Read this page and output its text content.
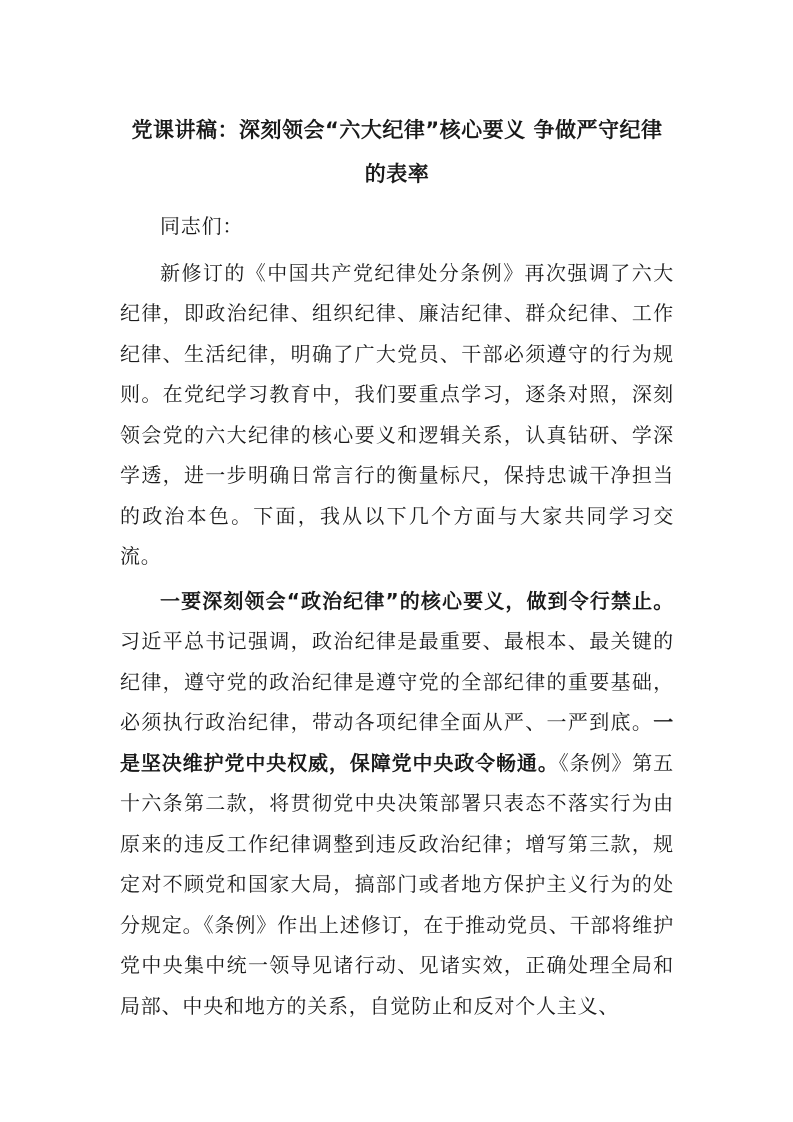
党课讲稿：深刻领会“六大纪律”核心要义 争做严守纪律
的表率

同志们：

新修订的《中国共产党纪律处分条例》再次强调了六大纪律，即政治纪律、组织纪律、廉洁纪律、群众纪律、工作纪律、生活纪律，明确了广大党员、干部必须遵守的行为规则。在党纪学习教育中，我们要重点学习，逐条对照，深刻领会党的六大纪律的核心要义和逻辑关系，认真钻研、学深学透，进一步明确日常言行的衡量标尺，保持忠诚干净担当的政治本色。下面，我从以下几个方面与大家共同学习交流。

一要深刻领会“政治纪律”的核心要义，做到令行禁止。习近平总书记强调，政治纪律是最重要、最根本、最关键的纪律，遵守党的政治纪律是遵守党的全部纪律的重要基础，必须执行政治纪律，带动各项纪律全面从严、一严到底。一是坚决维护党中央权威，保障党中央政令畅通。《条例》第五十六条第二款，将贯彻党中央决策部署只表态不落实行为由原来的违反工作纪律调整到违反政治纪律；增写第三款，规定对不顾党和国家大局，搞部门或者地方保护主义行为的处分规定。《条例》作出上述修订，在于推动党员、干部将维护党中央集中统一领导见诸行动、见诸实效，正确处理全局和局部、中央和地方的关系，自觉防止和反对个人主义、
